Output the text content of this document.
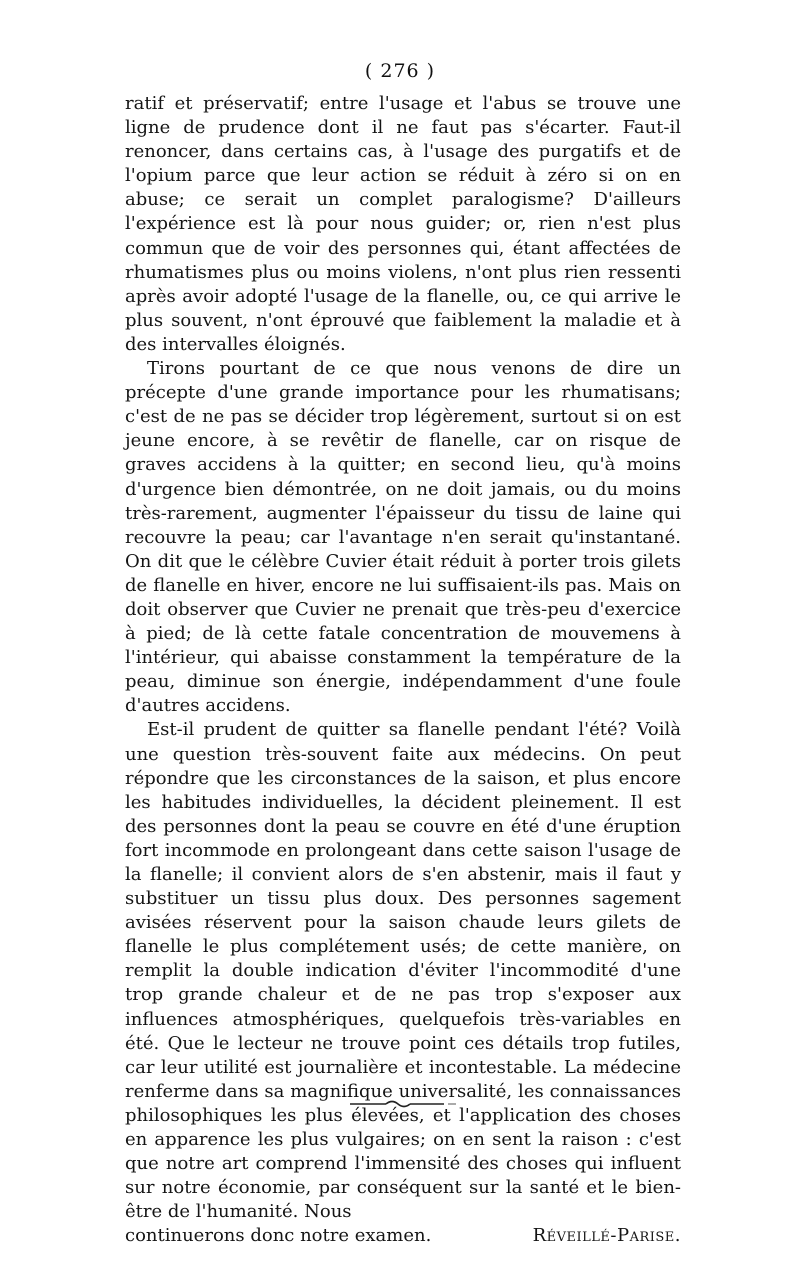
( 276 )

ratif et préservatif; entre l'usage et l'abus se trouve une ligne de prudence dont il ne faut pas s'écarter. Faut-il renoncer, dans certains cas, à l'usage des purgatifs et de l'opium parce que leur action se réduit à zéro si on en abuse; ce serait un complet paralogisme? D'ailleurs l'expérience est là pour nous guider; or, rien n'est plus commun que de voir des personnes qui, étant affectées de rhumatismes plus ou moins violens, n'ont plus rien ressenti après avoir adopté l'usage de la flanelle, ou, ce qui arrive le plus souvent, n'ont éprouvé que faiblement la maladie et à des intervalles éloignés.

Tirons pourtant de ce que nous venons de dire un précepte d'une grande importance pour les rhumatisans; c'est de ne pas se décider trop légèrement, surtout si on est jeune encore, à se revêtir de flanelle, car on risque de graves accidens à la quitter; en second lieu, qu'à moins d'urgence bien démontrée, on ne doit jamais, ou du moins très-rarement, augmenter l'épaisseur du tissu de laine qui recouvre la peau; car l'avantage n'en serait qu'instantané. On dit que le célèbre Cuvier était réduit à porter trois gilets de flanelle en hiver, encore ne lui suffisaient-ils pas. Mais on doit observer que Cuvier ne prenait que très-peu d'exercice à pied; de là cette fatale concentration de mouvemens à l'intérieur, qui abaisse constamment la température de la peau, diminue son énergie, indépendamment d'une foule d'autres accidens.

Est-il prudent de quitter sa flanelle pendant l'été? Voilà une question très-souvent faite aux médecins. On peut répondre que les circonstances de la saison, et plus encore les habitudes individuelles, la décident pleinement. Il est des personnes dont la peau se couvre en été d'une éruption fort incommode en prolongeant dans cette saison l'usage de la flanelle; il convient alors de s'en abstenir, mais il faut y substituer un tissu plus doux. Des personnes sagement avisées réservent pour la saison chaude leurs gilets de flanelle le plus complétement usés; de cette manière, on remplit la double indication d'éviter l'incommodité d'une trop grande chaleur et de ne pas trop s'exposer aux influences atmosphériques, quelquefois très-variables en été. Que le lecteur ne trouve point ces détails trop futiles, car leur utilité est journalière et incontestable. La médecine renferme dans sa magnifique universalité, les connaissances philosophiques les plus élevées, et l'application des choses en apparence les plus vulgaires; on en sent la raison : c'est que notre art comprend l'immensité des choses qui influent sur notre économie, par conséquent sur la santé et le bien-être de l'humanité. Nous

continuerons donc notre examen.	Réveillé-Parise.
